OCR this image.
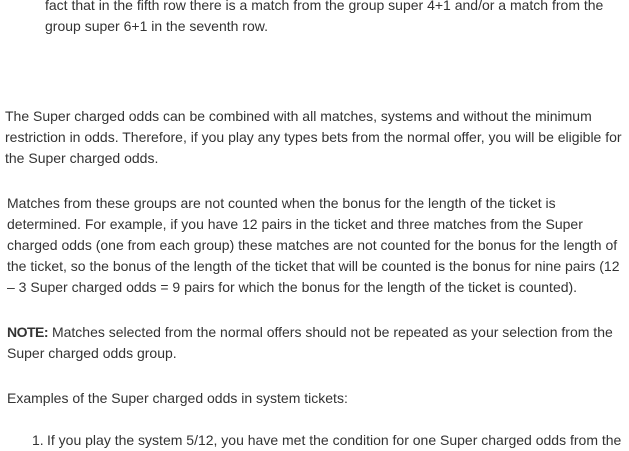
fact that in the fifth row there is a match from the group super 4+1 and/or a match from the group super 6+1 in the seventh row.

The Super charged odds can be combined with all matches, systems and without the minimum restriction in odds. Therefore, if you play any types bets from the normal offer, you will be eligible for the Super charged odds.

Matches from these groups are not counted when the bonus for the length of the ticket is determined. For example, if you have 12 pairs in the ticket and three matches from the Super charged odds (one from each group) these matches are not counted for the bonus for the length of the ticket, so the bonus of the length of the ticket that will be counted is the bonus for nine pairs (12 – 3 Super charged odds = 9 pairs for which the bonus for the length of the ticket is counted).

NOTE: Matches selected from the normal offers should not be repeated as your selection from the Super charged odds group.

Examples of the Super charged odds in system tickets:

1. If you play the system 5/12, you have met the condition for one Super charged odds from the
